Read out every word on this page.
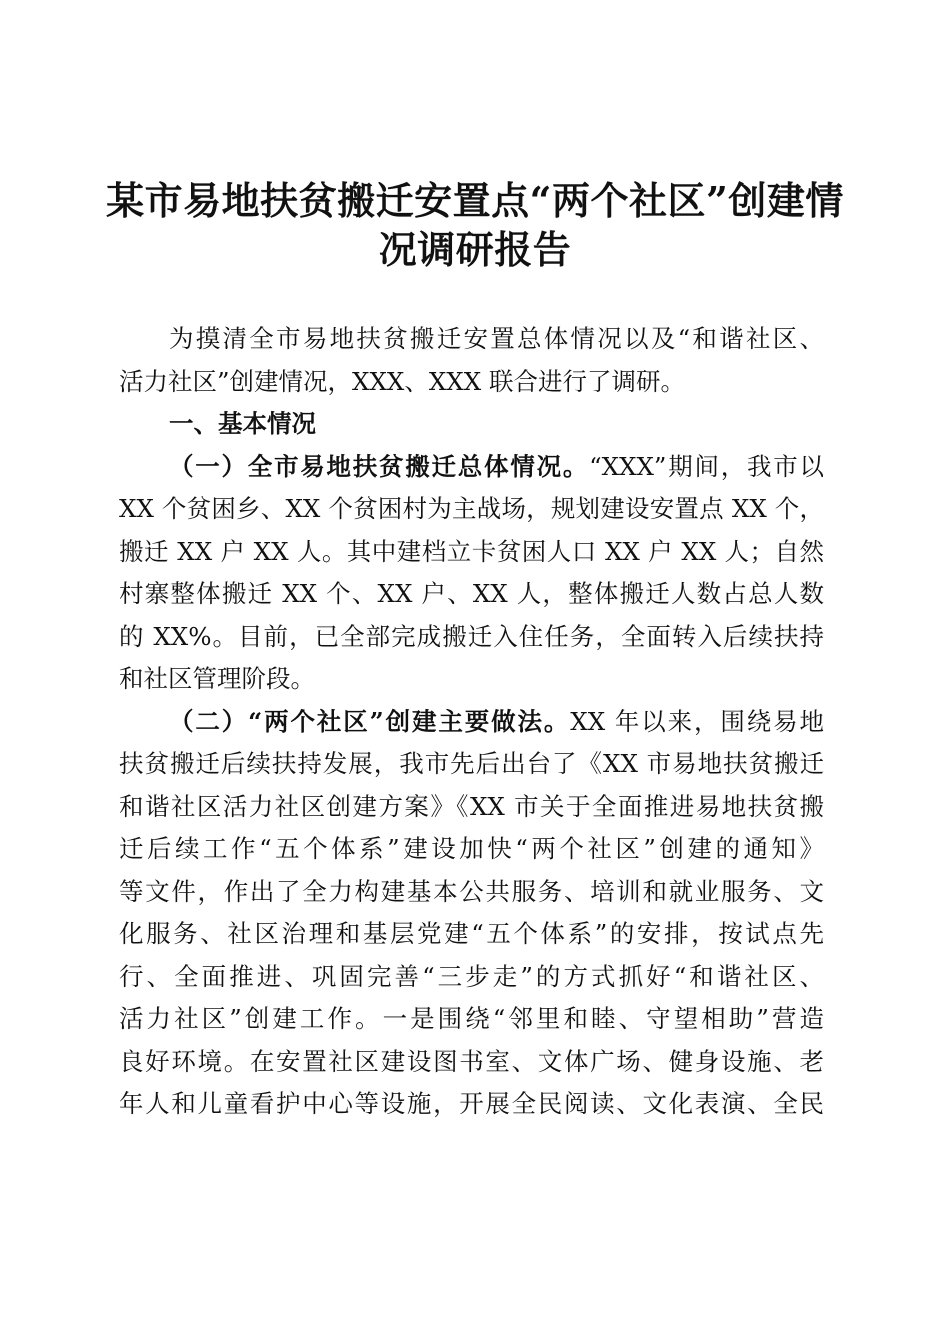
某市易地扶贫搬迁安置点“两个社区”创建情
况调研报告
为摸清全市易地扶贫搬迁安置总体情况以及“和谐社区、
活力社区”创建情况，XXX、XXX 联合进行了调研。
一、基本情况
（一）全市易地扶贫搬迁总体情况。“XXX”期间，我市以
XX 个贫困乡、XX 个贫困村为主战场，规划建设安置点 XX 个，
搬迁 XX 户 XX 人。其中建档立卡贫困人口 XX 户 XX 人；自然
村寨整体搬迁 XX 个、XX 户、XX 人，整体搬迁人数占总人数
的 XX%。目前，已全部完成搬迁入住任务，全面转入后续扶持
和社区管理阶段。
（二）“两个社区”创建主要做法。XX 年以来，围绕易地
扶贫搬迁后续扶持发展，我市先后出台了《XX 市易地扶贫搬迁
和谐社区活力社区创建方案》《XX 市关于全面推进易地扶贫搬
迁后续工作“五个体系”建设加快“两个社区”创建的通知》
等文件，作出了全力构建基本公共服务、培训和就业服务、文
化服务、社区治理和基层党建“五个体系”的安排，按试点先
行、全面推进、巩固完善“三步走”的方式抓好“和谐社区、
活力社区”创建工作。一是围绕“邻里和睦、守望相助”营造
良好环境。在安置社区建设图书室、文体广场、健身设施、老
年人和儿童看护中心等设施，开展全民阅读、文化表演、全民
